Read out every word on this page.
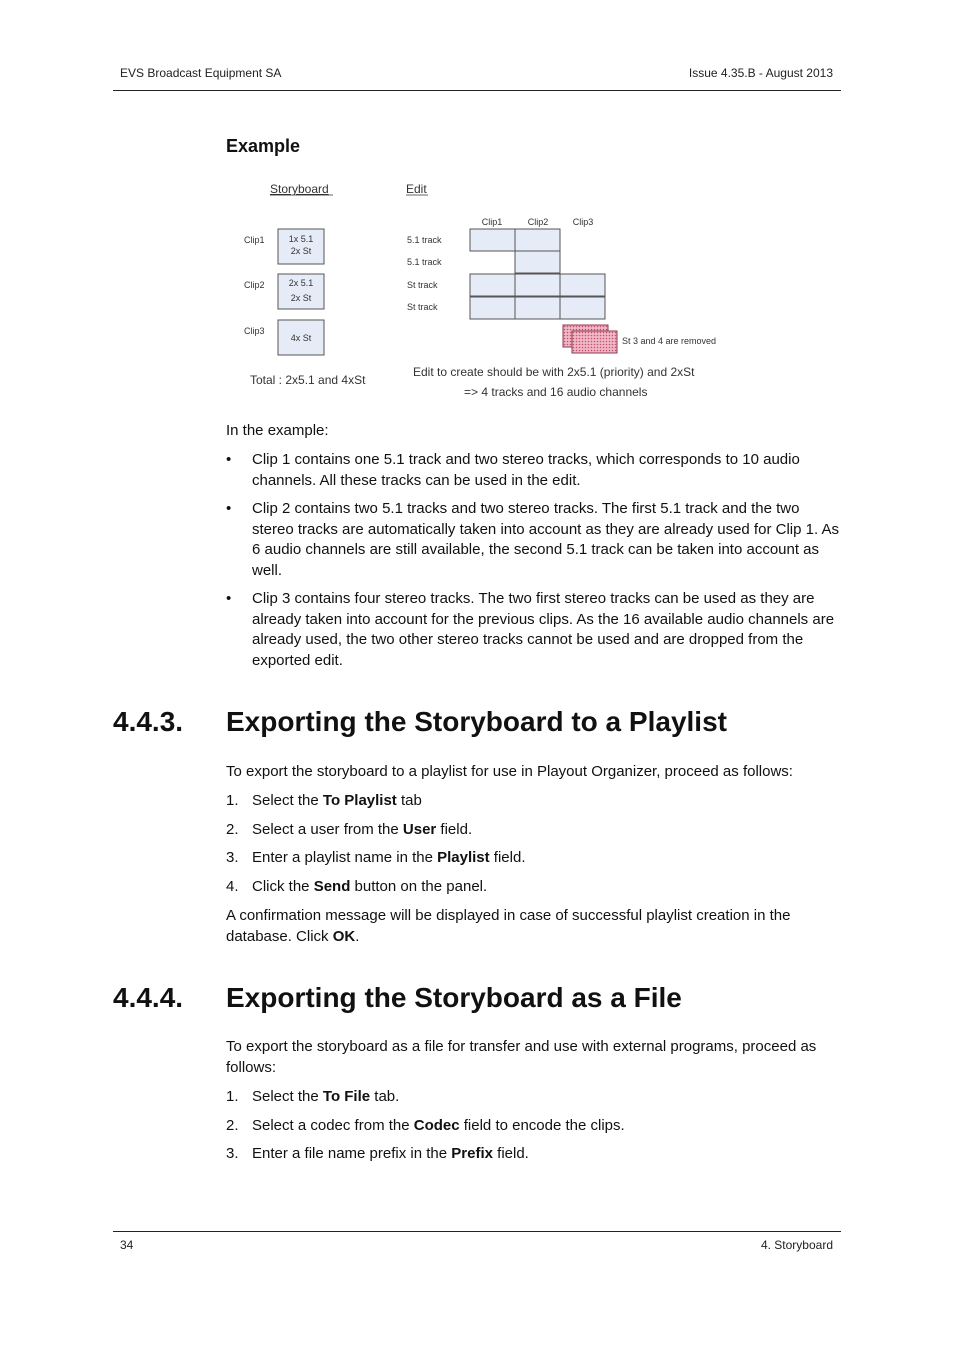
EVS Broadcast Equipment SA	Issue 4.35.B - August 2013
Example
Storyboard	Edit
Clip1	1x 5.1
2x St
Clip2	2x 5.1
2x St
Clip3
4x St
Clip1	Clip2	Clip3
5.1 track
5.1 track
St track
St track
St 3 and 4 are removed
Total : 2x5.1 and 4xSt
Edit to create should be with 2x5.1 (priority) and 2xSt
=> 4 tracks and 16 audio channels
In the example:
• Clip 1 contains one 5.1 track and two stereo tracks, which corresponds to 10 audio channels. All these tracks can be used in the edit.
• Clip 2 contains two 5.1 tracks and two stereo tracks. The first 5.1 track and the two stereo tracks are automatically taken into account as they are already used for Clip 1. As 6 audio channels are still available, the second 5.1 track can be taken into account as well.
• Clip 3 contains four stereo tracks. The two first stereo tracks can be used as they are already taken into account for the previous clips. As the 16 available audio channels are already used, the two other stereo tracks cannot be used and are dropped from the exported edit.
4.4.3. Exporting the Storyboard to a Playlist
To export the storyboard to a playlist for use in Playout Organizer, proceed as follows:
1. Select the To Playlist tab
2. Select a user from the User field.
3. Enter a playlist name in the Playlist field.
4. Click the Send button on the panel.
A confirmation message will be displayed in case of successful playlist creation in the database. Click OK.
4.4.4. Exporting the Storyboard as a File
To export the storyboard as a file for transfer and use with external programs, proceed as follows:
1. Select the To File tab.
2. Select a codec from the Codec field to encode the clips.
3. Enter a file name prefix in the Prefix field.
34	4. Storyboard
